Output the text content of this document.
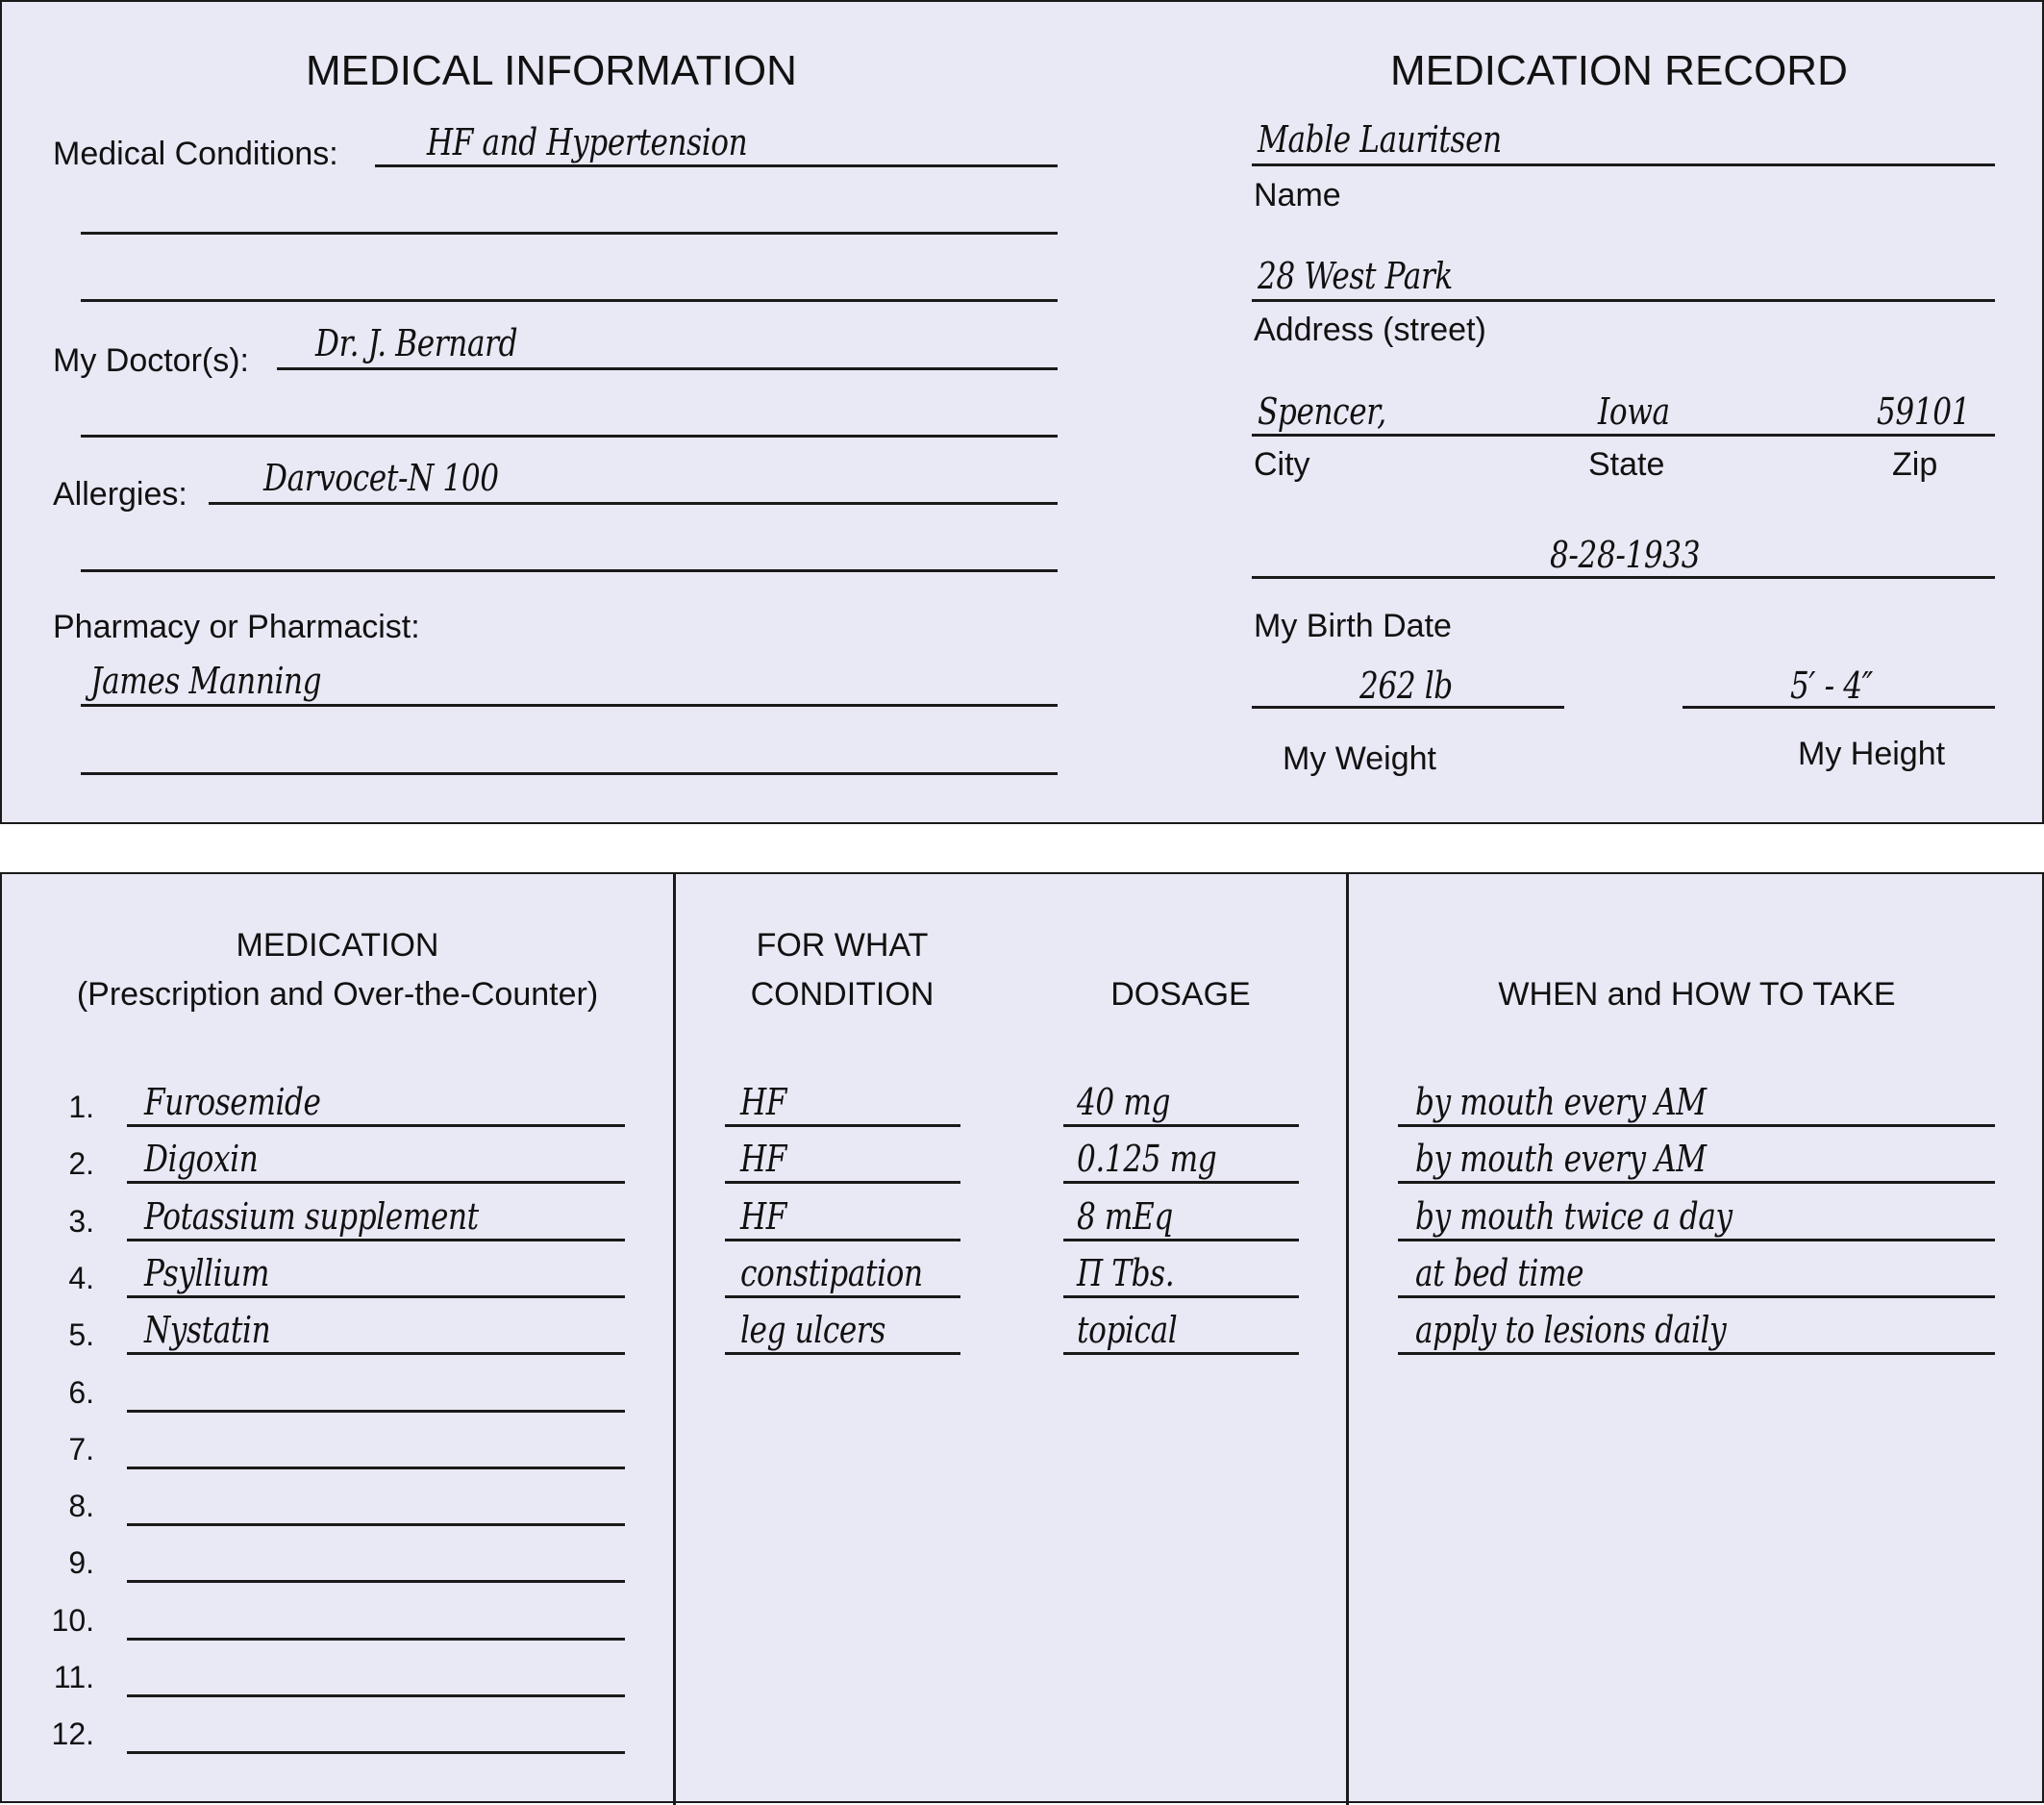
MEDICAL INFORMATION
Medical Conditions: HF and Hypertension
My Doctor(s): Dr. J. Bernard
Allergies: Darvocet-N 100
Pharmacy or Pharmacist:
James Manning
MEDICATION RECORD
Mable Lauritsen
Name
28 West Park
Address (street)
Spencer,	Iowa	59101
City	State	Zip
8-28-1933
My Birth Date
262 lb	5′ - 4″
My Weight	My Height
MEDICATION
(Prescription and Over-the-Counter)
FOR WHAT
CONDITION	DOSAGE	WHEN and HOW TO TAKE
1. Furosemide	HF	40 mg	by mouth every AM
2. Digoxin	HF	0.125 mg	by mouth every AM
3. Potassium supplement	HF	8 mEq	by mouth twice a day
4. Psyllium	constipation	Π Tbs.	at bed time
5. Nystatin	leg ulcers	topical	apply to lesions daily
6.
7.
8.
9.
10.
11.
12.
